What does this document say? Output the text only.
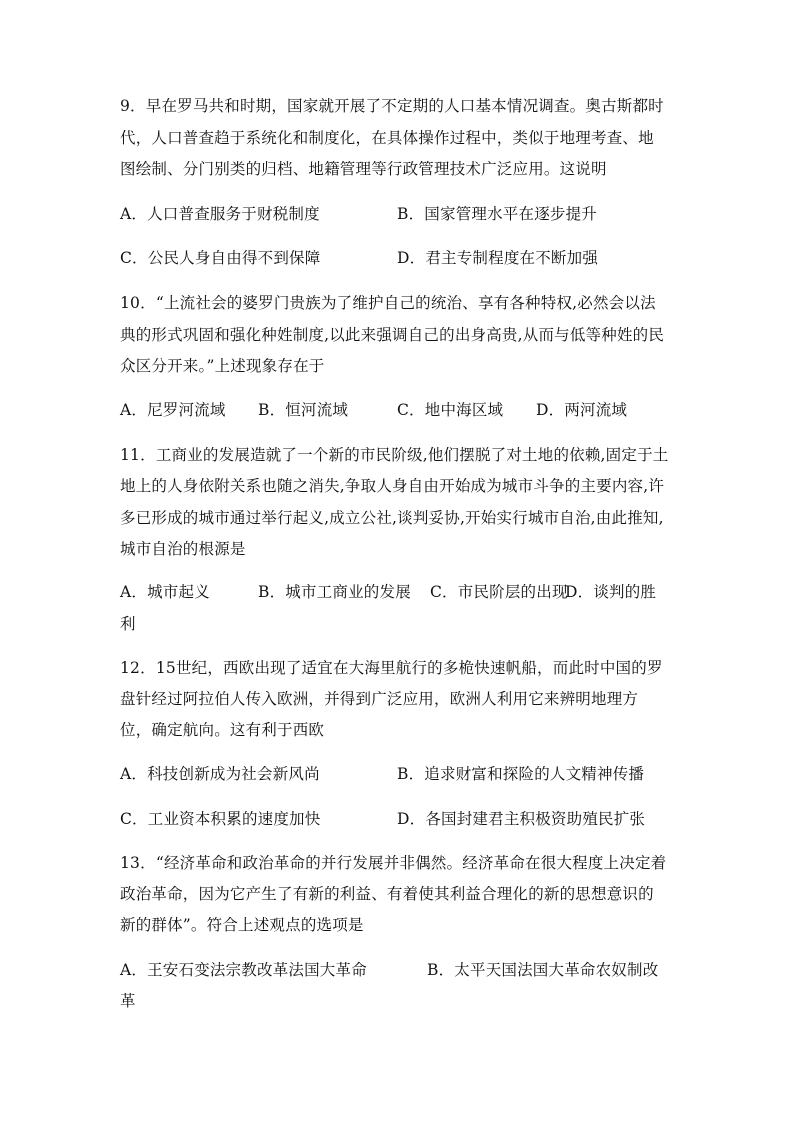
9．早在罗马共和时期，国家就开展了不定期的人口基本情况调查。奥古斯都时
代，人口普查趋于系统化和制度化，在具体操作过程中，类似于地理考查、地
图绘制、分门别类的归档、地籍管理等行政管理技术广泛应用。这说明
A．人口普查服务于财税制度	B．国家管理水平在逐步提升
C．公民人身自由得不到保障	D．君主专制程度在不断加强
10．“上流社会的婆罗门贵族为了维护自己的统治、享有各种特权,必然会以法
典的形式巩固和强化种姓制度,以此来强调自己的出身高贵,从而与低等种姓的民
众区分开来。”上述现象存在于
A．尼罗河流域 B．恒河流域	C．地中海区域 D．两河流域
11．工商业的发展造就了一个新的市民阶级,他们摆脱了对土地的依赖,固定于土
地上的人身依附关系也随之消失,争取人身自由开始成为城市斗争的主要内容,许
多已形成的城市通过举行起义,成立公社,谈判妥协,开始实行城市自治,由此推知,
城市自治的根源是
A．城市起义	B．城市工商业的发展 C．市民阶层的出现
D．谈判的胜
利
12．15世纪，西欧出现了适宜在大海里航行的多桅快速帆船，而此时中国的罗
盘针经过阿拉伯人传入欧洲，并得到广泛应用，欧洲人利用它来辨明地理方
位，确定航向。这有利于西欧
A．科技创新成为社会新风尚	B．追求财富和探险的人文精神传播
C．工业资本积累的速度加快	D．各国封建君主积极资助殖民扩张
13．“经济革命和政治革命的并行发展并非偶然。经济革命在很大程度上决定着
政治革命，因为它产生了有新的利益、有着使其利益合理化的新的思想意识的
新的群体”。符合上述观点的选项是
A．王安石变法宗教改革法国大革命	B．太平天国法国大革命农奴制改
革
